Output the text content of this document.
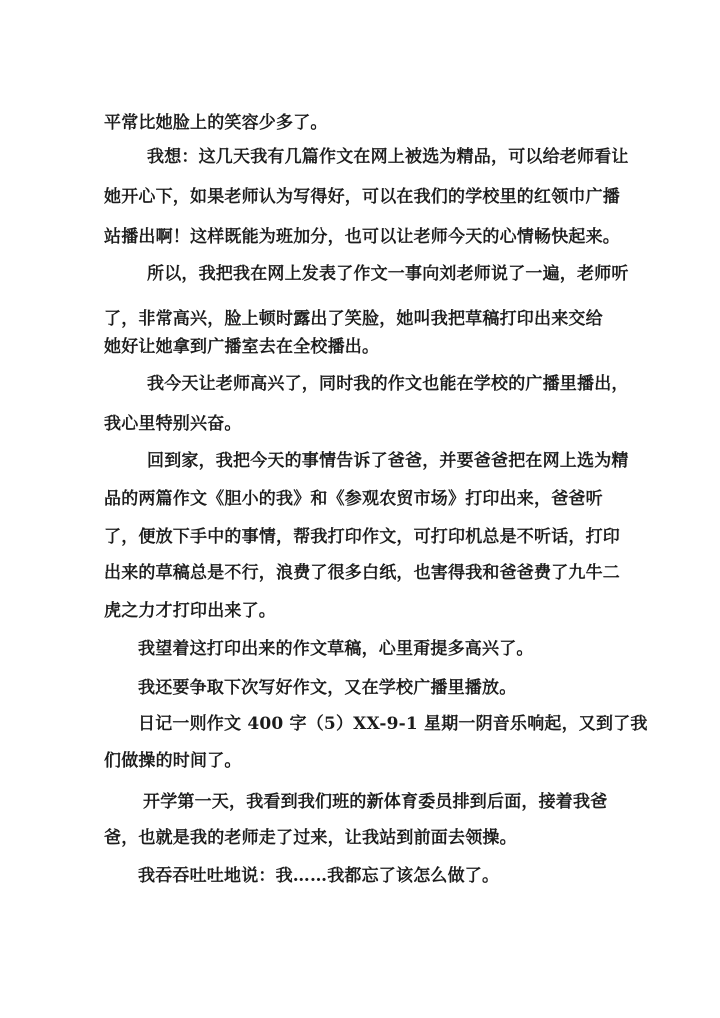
平常比她脸上的笑容少多了。
我想：这几天我有几篇作文在网上被选为精品，可以给老师看让
她开心下，如果老师认为写得好，可以在我们的学校里的红领巾广播
站播出啊！这样既能为班加分，也可以让老师今天的心情畅快起来。
所以，我把我在网上发表了作文一事向刘老师说了一遍，老师听
了，非常高兴，脸上顿时露出了笑脸，她叫我把草稿打印出来交给
她好让她拿到广播室去在全校播出。
我今天让老师高兴了，同时我的作文也能在学校的广播里播出，
我心里特别兴奋。
回到家，我把今天的事情告诉了爸爸，并要爸爸把在网上选为精
品的两篇作文《胆小的我》和《参观农贸市场》打印出来，爸爸听
了，便放下手中的事情，帮我打印作文，可打印机总是不听话，打印
出来的草稿总是不行，浪费了很多白纸，也害得我和爸爸费了九牛二
虎之力才打印出来了。
我望着这打印出来的作文草稿，心里甭提多高兴了。
我还要争取下次写好作文，又在学校广播里播放。
日记一则作文 400 字（5）XX-9-1 星期一阴音乐响起，又到了我
们做操的时间了。
开学第一天，我看到我们班的新体育委员排到后面，接着我爸
爸，也就是我的老师走了过来，让我站到前面去领操。
我吞吞吐吐地说：我……我都忘了该怎么做了。
